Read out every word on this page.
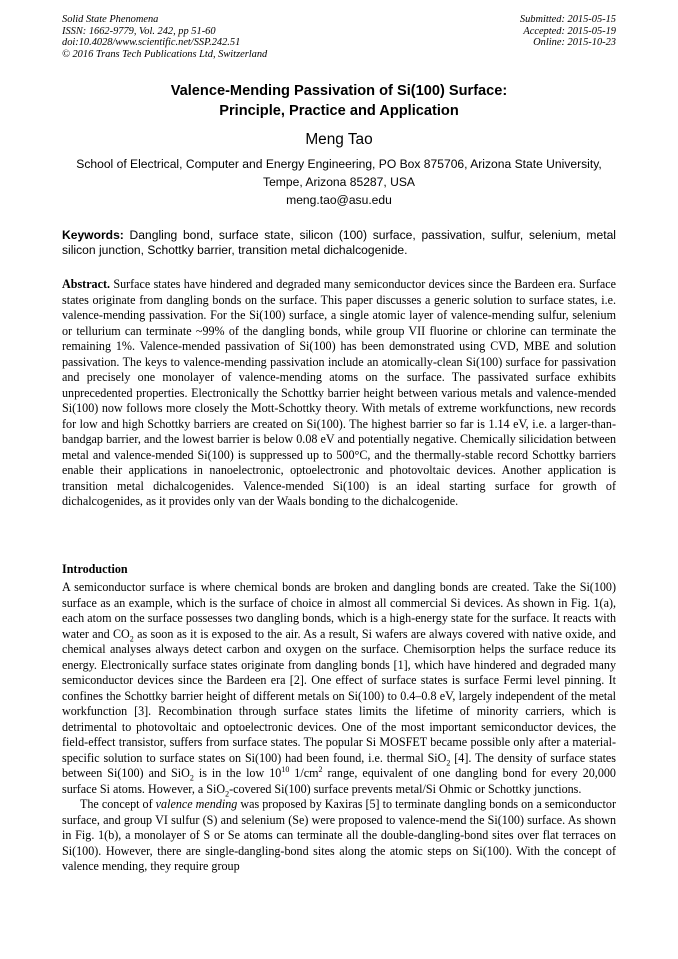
Solid State Phenomena
ISSN: 1662-9779, Vol. 242, pp 51-60
doi:10.4028/www.scientific.net/SSP.242.51
© 2016 Trans Tech Publications Ltd, Switzerland
Submitted: 2015-05-15
Accepted: 2015-05-19
Online: 2015-10-23
Valence-Mending Passivation of Si(100) Surface:
Principle, Practice and Application
Meng Tao
School of Electrical, Computer and Energy Engineering, PO Box 875706, Arizona State University, Tempe, Arizona 85287, USA
meng.tao@asu.edu
Keywords: Dangling bond, surface state, silicon (100) surface, passivation, sulfur, selenium, metal silicon junction, Schottky barrier, transition metal dichalcogenide.
Abstract. Surface states have hindered and degraded many semiconductor devices since the Bardeen era. Surface states originate from dangling bonds on the surface. This paper discusses a generic solution to surface states, i.e. valence-mending passivation. For the Si(100) surface, a single atomic layer of valence-mending sulfur, selenium or tellurium can terminate ~99% of the dangling bonds, while group VII fluorine or chlorine can terminate the remaining 1%. Valence-mended passivation of Si(100) has been demonstrated using CVD, MBE and solution passivation. The keys to valence-mending passivation include an atomically-clean Si(100) surface for passivation and precisely one monolayer of valence-mending atoms on the surface. The passivated surface exhibits unprecedented properties. Electronically the Schottky barrier height between various metals and valence-mended Si(100) now follows more closely the Mott-Schottky theory. With metals of extreme workfunctions, new records for low and high Schottky barriers are created on Si(100). The highest barrier so far is 1.14 eV, i.e. a larger-than-bandgap barrier, and the lowest barrier is below 0.08 eV and potentially negative. Chemically silicidation between metal and valence-mended Si(100) is suppressed up to 500°C, and the thermally-stable record Schottky barriers enable their applications in nanoelectronic, optoelectronic and photovoltaic devices. Another application is transition metal dichalcogenides. Valence-mended Si(100) is an ideal starting surface for growth of dichalcogenides, as it provides only van der Waals bonding to the dichalcogenide.
Introduction

A semiconductor surface is where chemical bonds are broken and dangling bonds are created. Take the Si(100) surface as an example, which is the surface of choice in almost all commercial Si devices. As shown in Fig. 1(a), each atom on the surface possesses two dangling bonds, which is a high-energy state for the surface. It reacts with water and $CO_2$ as soon as it is exposed to the air. As a result, Si wafers are always covered with native oxide, and chemical analyses always detect carbon and oxygen on the surface. Chemisorption helps the surface reduce its energy. Electronically surface states originate from dangling bonds [1], which have hindered and degraded many semiconductor devices since the Bardeen era [2]. One effect of surface states is surface Fermi level pinning. It confines the Schottky barrier height of different metals on Si(100) to 0.4–0.8 eV, largely independent of the metal workfunction [3]. Recombination through surface states limits the lifetime of minority carriers, which is detrimental to photovoltaic and optoelectronic devices. One of the most important semiconductor devices, the field-effect transistor, suffers from surface states. The popular Si MOSFET became possible only after a material-specific solution to surface states on Si(100) had been found, i.e. thermal SiO$_2$ [4]. The density of surface states between Si(100) and SiO$_2$ is in the low $10^{10}$ $1/cm^2$ range, equivalent of one dangling bond for every 20,000 surface Si atoms. However, a SiO$_2$-covered Si(100) surface prevents metal/Si Ohmic or Schottky junctions.

The concept of valence mending was proposed by Kaxiras [5] to terminate dangling bonds on a semiconductor surface, and group VI sulfur (S) and selenium (Se) were proposed to valence-mend the Si(100) surface. As shown in Fig. 1(b), a monolayer of S or Se atoms can terminate all the double-dangling-bond sites over flat terraces on Si(100). However, there are single-dangling-bond sites along the atomic steps on Si(100). With the concept of valence mending, they require group
